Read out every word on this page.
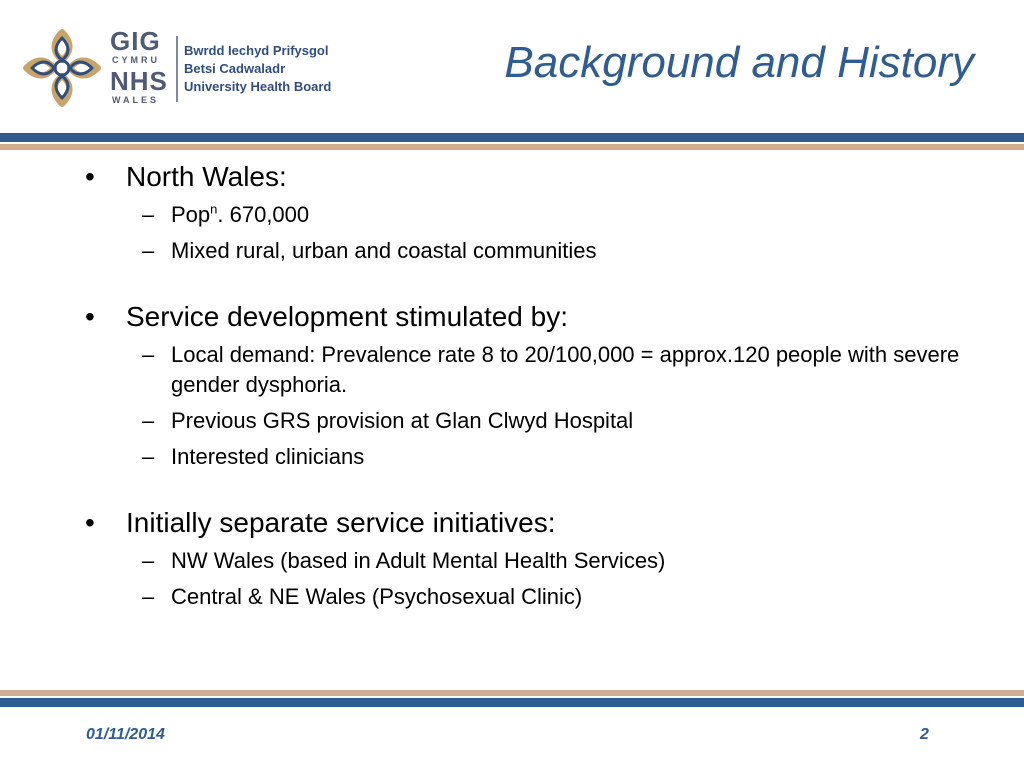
GIG
CYMRU
NHS
WALES
Bwrdd Iechyd Prifysgol
Betsi Cadwaladr
University Health Board	Background and History
• North Wales:
– Pop$^n$. 670,000
– Mixed rural, urban and coastal communities
• Service development stimulated by:
– Local demand: Prevalence rate 8 to 20/100,000 = approx.120 people with severe gender dysphoria.
– Previous GRS provision at Glan Clwyd Hospital
– Interested clinicians
• Initially separate service initiatives:
– NW Wales (based in Adult Mental Health Services)
– Central & NE Wales (Psychosexual Clinic)
01/11/2014	2
